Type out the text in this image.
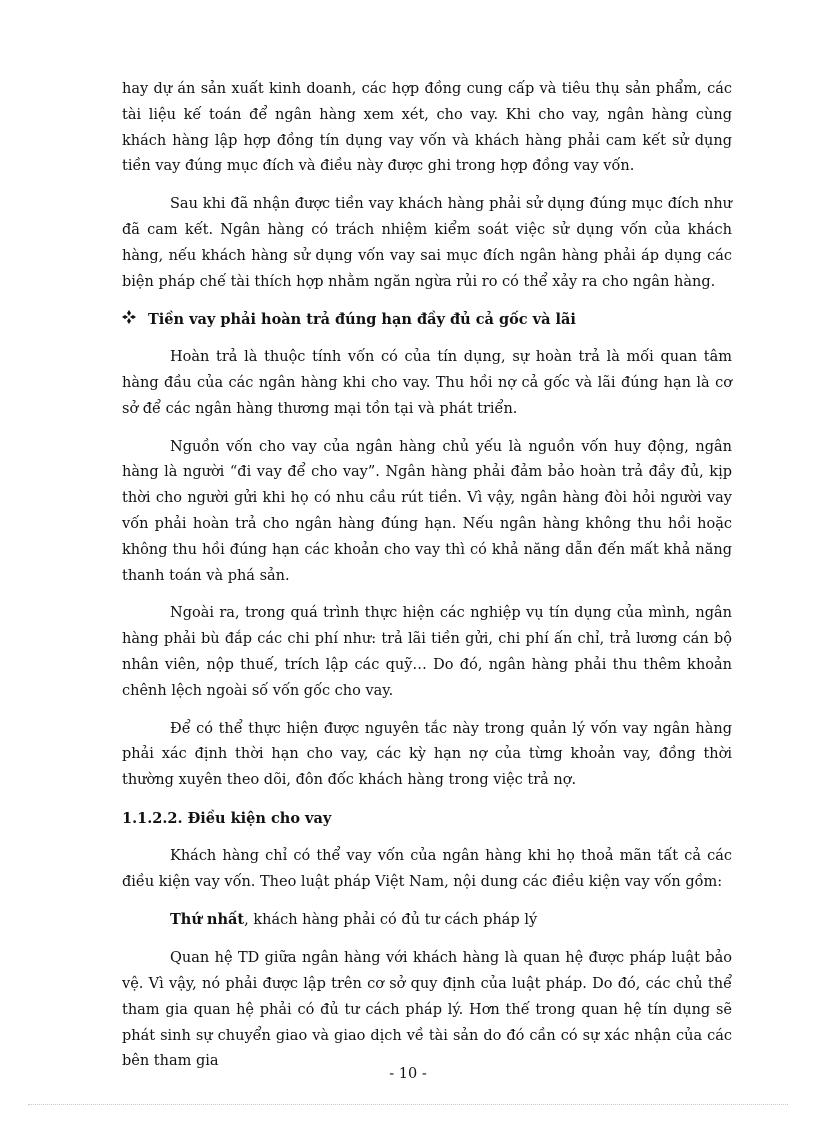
hay dự án sản xuất kinh doanh, các hợp đồng cung cấp và tiêu thụ sản phẩm, các tài liệu kế toán để ngân hàng xem xét, cho vay. Khi cho vay, ngân hàng cùng khách hàng lập hợp đồng tín dụng vay vốn và khách hàng phải cam kết sử dụng tiền vay đúng mục đích và điều này được ghi trong hợp đồng vay vốn.

Sau khi đã nhận được tiền vay khách hàng phải sử dụng đúng mục đích như đã cam kết. Ngân hàng có trách nhiệm kiểm soát việc sử dụng vốn của khách hàng, nếu khách hàng sử dụng vốn vay sai mục đích ngân hàng phải áp dụng các biện pháp chế tài thích hợp nhằm ngăn ngừa rủi ro có thể xảy ra cho ngân hàng.

Tiền vay phải hoàn trả đúng hạn đầy đủ cả gốc và lãi

Hoàn trả là thuộc tính vốn có của tín dụng, sự hoàn trả là mối quan tâm hàng đầu của các ngân hàng khi cho vay. Thu hồi nợ cả gốc và lãi đúng hạn là cơ sở để các ngân hàng thương mại tồn tại và phát triển.

Nguồn vốn cho vay của ngân hàng chủ yếu là nguồn vốn huy động, ngân hàng là người “đi vay để cho vay”. Ngân hàng phải đảm bảo hoàn trả đầy đủ, kịp thời cho người gửi khi họ có nhu cầu rút tiền. Vì vậy, ngân hàng đòi hỏi người vay vốn phải hoàn trả cho ngân hàng đúng hạn. Nếu ngân hàng không thu hồi hoặc không thu hồi đúng hạn các khoản cho vay thì có khả năng dẫn đến mất khả năng thanh toán và phá sản.

Ngoài ra, trong quá trình thực hiện các nghiệp vụ tín dụng của mình, ngân hàng phải bù đắp các chi phí như: trả lãi tiền gửi, chi phí ấn chỉ, trả lương cán bộ nhân viên, nộp thuế, trích lập các quỹ… Do đó, ngân hàng phải thu thêm khoản chênh lệch ngoài số vốn gốc cho vay.

Để có thể thực hiện được nguyên tắc này trong quản lý vốn vay ngân hàng phải xác định thời hạn cho vay, các kỳ hạn nợ của từng khoản vay, đồng thời thường xuyên theo dõi, đôn đốc khách hàng trong việc trả nợ.

1.1.2.2. Điều kiện cho vay

Khách hàng chỉ có thể vay vốn của ngân hàng khi họ thoả mãn tất cả các điều kiện vay vốn. Theo luật pháp Việt Nam, nội dung các điều kiện vay vốn gồm:

Thứ nhất, khách hàng phải có đủ tư cách pháp lý

Quan hệ TD giữa ngân hàng với khách hàng là quan hệ được pháp luật bảo vệ. Vì vậy, nó phải được lập trên cơ sở quy định của luật pháp. Do đó, các chủ thể tham gia quan hệ phải có đủ tư cách pháp lý. Hơn thế trong quan hệ tín dụng sẽ phát sinh sự chuyển giao và giao dịch về tài sản do đó cần có sự xác nhận của các bên tham gia

- 10 -
